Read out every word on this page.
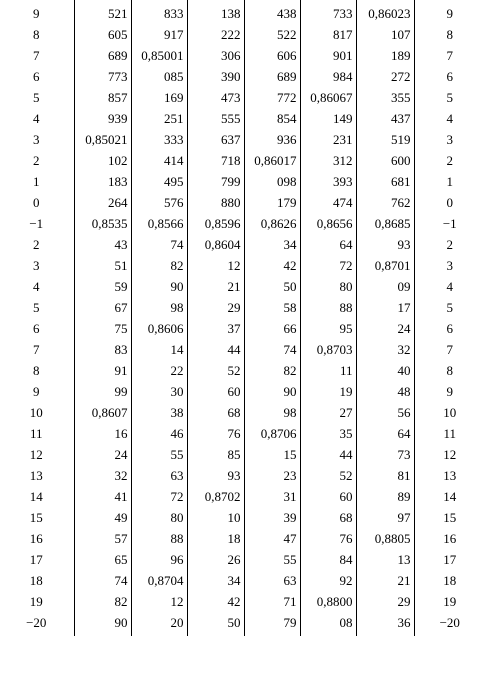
9	521	833	138	438	733	0,86023	9
8	605	917	222	522	817	107	8
7	689	0,85001	306	606	901	189	7
6	773	085	390	689	984	272	6
5	857	169	473	772	0,86067	355	5
4	939	251	555	854	149	437	4
3	0,85021	333	637	936	231	519	3
2	102	414	718	0,86017	312	600	2
1	183	495	799	098	393	681	1
0	264	576	880	179	474	762	0
−1	0,8535	0,8566	0,8596	0,8626	0,8656	0,8685	−1
2	43	74	0,8604	34	64	93	2
3	51	82	12	42	72	0,8701	3
4	59	90	21	50	80	09	4
5	67	98	29	58	88	17	5
6	75	0,8606	37	66	95	24	6
7	83	14	44	74	0,8703	32	7
8	91	22	52	82	11	40	8
9	99	30	60	90	19	48	9
10	0,8607	38	68	98	27	56	10
11	16	46	76	0,8706	35	64	11
12	24	55	85	15	44	73	12
13	32	63	93	23	52	81	13
14	41	72	0,8702	31	60	89	14
15	49	80	10	39	68	97	15
16	57	88	18	47	76	0,8805	16
17	65	96	26	55	84	13	17
18	74	0,8704	34	63	92	21	18
19	82	12	42	71	0,8800	29	19
−20	90	20	50	79	08	36	−20
